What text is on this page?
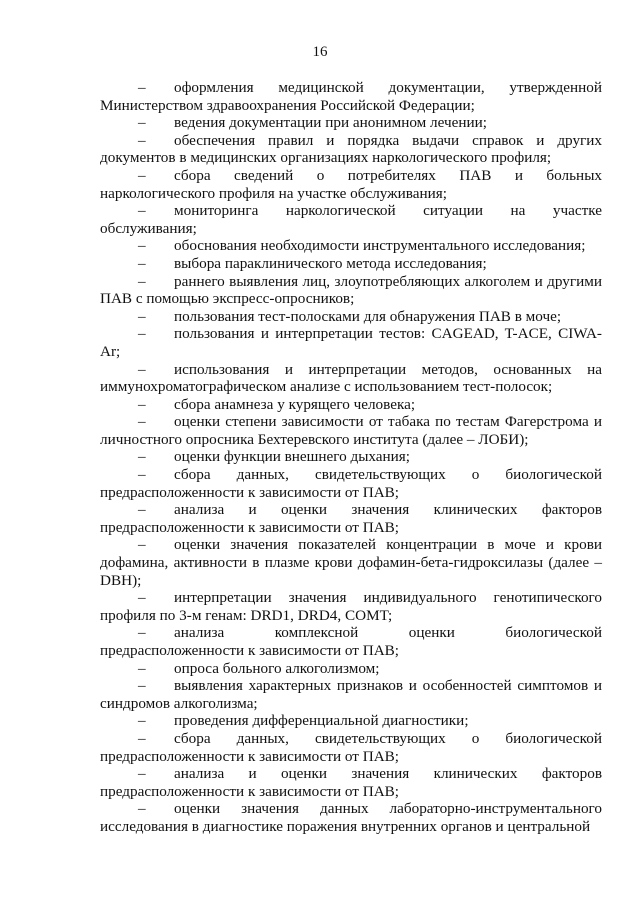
16
– оформления медицинской документации, утвержденной Министерством здравоохранения Российской Федерации;
– ведения документации при анонимном лечении;
– обеспечения правил и порядка выдачи справок и других документов в медицинских организациях наркологического профиля;
– сбора сведений о потребителях ПАВ и больных наркологического профиля на участке обслуживания;
– мониторинга наркологической ситуации на участке обслуживания;
– обоснования необходимости инструментального исследования;
– выбора параклинического метода исследования;
– раннего выявления лиц, злоупотребляющих алкоголем и другими ПАВ с помощью экспресс-опросников;
– пользования тест-полосками для обнаружения ПАВ в моче;
– пользования и интерпретации тестов: CAGEAD, T-ACE, CIWA-Ar;
– использования и интерпретации методов, основанных на иммунохроматографическом анализе с использованием тест-полосок;
– сбора анамнеза у курящего человека;
– оценки степени зависимости от табака по тестам Фагерстрома и личностного опросника Бехтеревского института (далее – ЛОБИ);
– оценки функции внешнего дыхания;
– сбора данных, свидетельствующих о биологической предрасположенности к зависимости от ПАВ;
– анализа и оценки значения клинических факторов предрасположенности к зависимости от ПАВ;
– оценки значения показателей концентрации в моче и крови дофамина, активности в плазме крови дофамин-бета-гидроксилазы (далее – DBH);
– интерпретации значения индивидуального генотипического профиля по 3-м генам: DRD1, DRD4, COMT;
– анализа комплексной оценки биологической предрасположенности к зависимости от ПАВ;
– опроса больного алкоголизмом;
– выявления характерных признаков и особенностей симптомов и синдромов алкоголизма;
– проведения дифференциальной диагностики;
– сбора данных, свидетельствующих о биологической предрасположенности к зависимости от ПАВ;
– анализа и оценки значения клинических факторов предрасположенности к зависимости от ПАВ;
– оценки значения данных лабораторно-инструментального исследования в диагностике поражения внутренних органов и центральной
